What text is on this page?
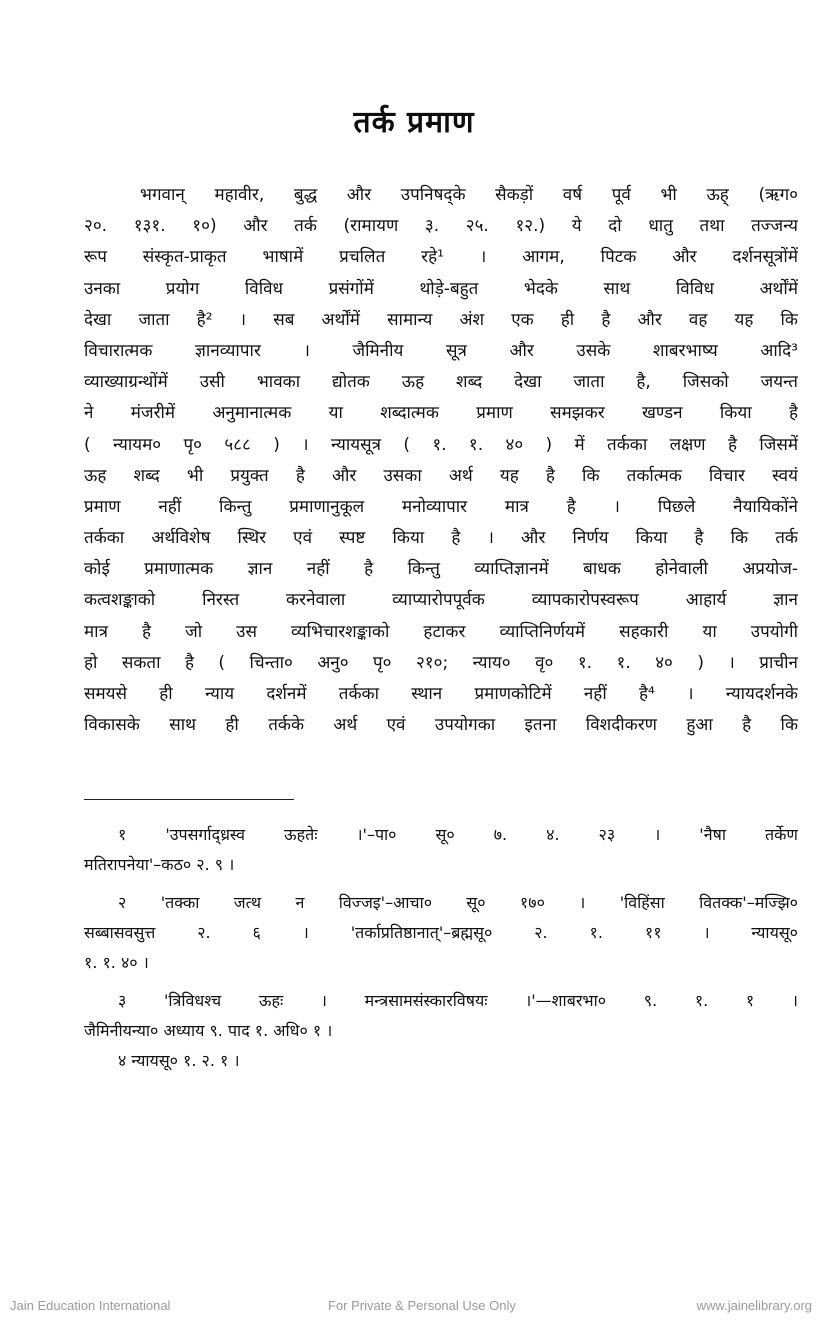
तर्क प्रमाण
भगवान् महावीर, बुद्ध और उपनिषद्के सैकड़ों वर्ष पूर्व भी ऊह् (ऋग०
२०. १३१. १०) और तर्क (रामायण ३. २५. १२.) ये दो धातु तथा तज्जन्य
रूप संस्कृत-प्राकृत भाषामें प्रचलित रहे¹ । आगम, पिटक और दर्शनसूत्रोंमें
उनका प्रयोग विविध प्रसंगोंमें थोड़े-बहुत भेदके साथ विविध अर्थोंमें
देखा जाता है² । सब अर्थोंमें सामान्य अंश एक ही है और वह यह कि
विचारात्मक ज्ञानव्यापार । जैमिनीय सूत्र और उसके शाबरभाष्य आदि³
व्याख्याग्रन्थोंमें उसी भावका द्योतक ऊह शब्द देखा जाता है, जिसको जयन्त
ने मंजरीमें अनुमानात्मक या शब्दात्मक प्रमाण समझकर खण्डन किया है
( न्यायम० पृ० ५८८ ) । न्यायसूत्र ( १. १. ४० ) में तर्कका लक्षण है जिसमें
ऊह शब्द भी प्रयुक्त है और उसका अर्थ यह है कि तर्कात्मक विचार स्वयं
प्रमाण नहीं किन्तु प्रमाणानुकूल मनोव्यापार मात्र है । पिछले नैयायिकोंने
तर्कका अर्थविशेष स्थिर एवं स्पष्ट किया है । और निर्णय किया है कि तर्क
कोई प्रमाणात्मक ज्ञान नहीं है किन्तु व्याप्तिज्ञानमें बाधक होनेवाली अप्रयोज-
कत्वशङ्काको निरस्त करनेवाला व्याप्यारोपपूर्वक व्यापकारोपस्वरूप आहार्य ज्ञान
मात्र है जो उस व्यभिचारशङ्काको हटाकर व्याप्तिनिर्णयमें सहकारी या उपयोगी
हो सकता है ( चिन्ता० अनु० पृ० २१०; न्याय० वृ० १. १. ४० ) । प्राचीन
समयसे ही न्याय दर्शनमें तर्कका स्थान प्रमाणकोटिमें नहीं है⁴ । न्यायदर्शनके
विकासके साथ ही तर्कके अर्थ एवं उपयोगका इतना विशदीकरण हुआ है कि
१ 'उपसर्गाद्ध्रस्व ऊहतेः ।'–पा० सू० ७. ४. २३ । 'नैषा तर्केण
मतिरापनेया'–कठ० २. ९ ।
२ 'तक्का जत्थ न विज्जइ'–आचा० सू० १७० । 'विहिंसा वितक्क'–मज्झि०
सब्बासवसुत्त २. ६ । 'तर्काप्रतिष्ठानात्'–ब्रह्मसू० २. १. ११ । न्यायसू०
१. १. ४० ।
३ 'त्रिविधश्च ऊहः । मन्त्रसामसंस्कारविषयः ।'—शाबरभा० ९. १. १ ।
जैमिनीयन्या० अध्याय ९. पाद १. अधि० १ ।
४ न्यायसू० १. २. १ ।
Jain Education International	For Private & Personal Use Only	www.jainelibrary.org
